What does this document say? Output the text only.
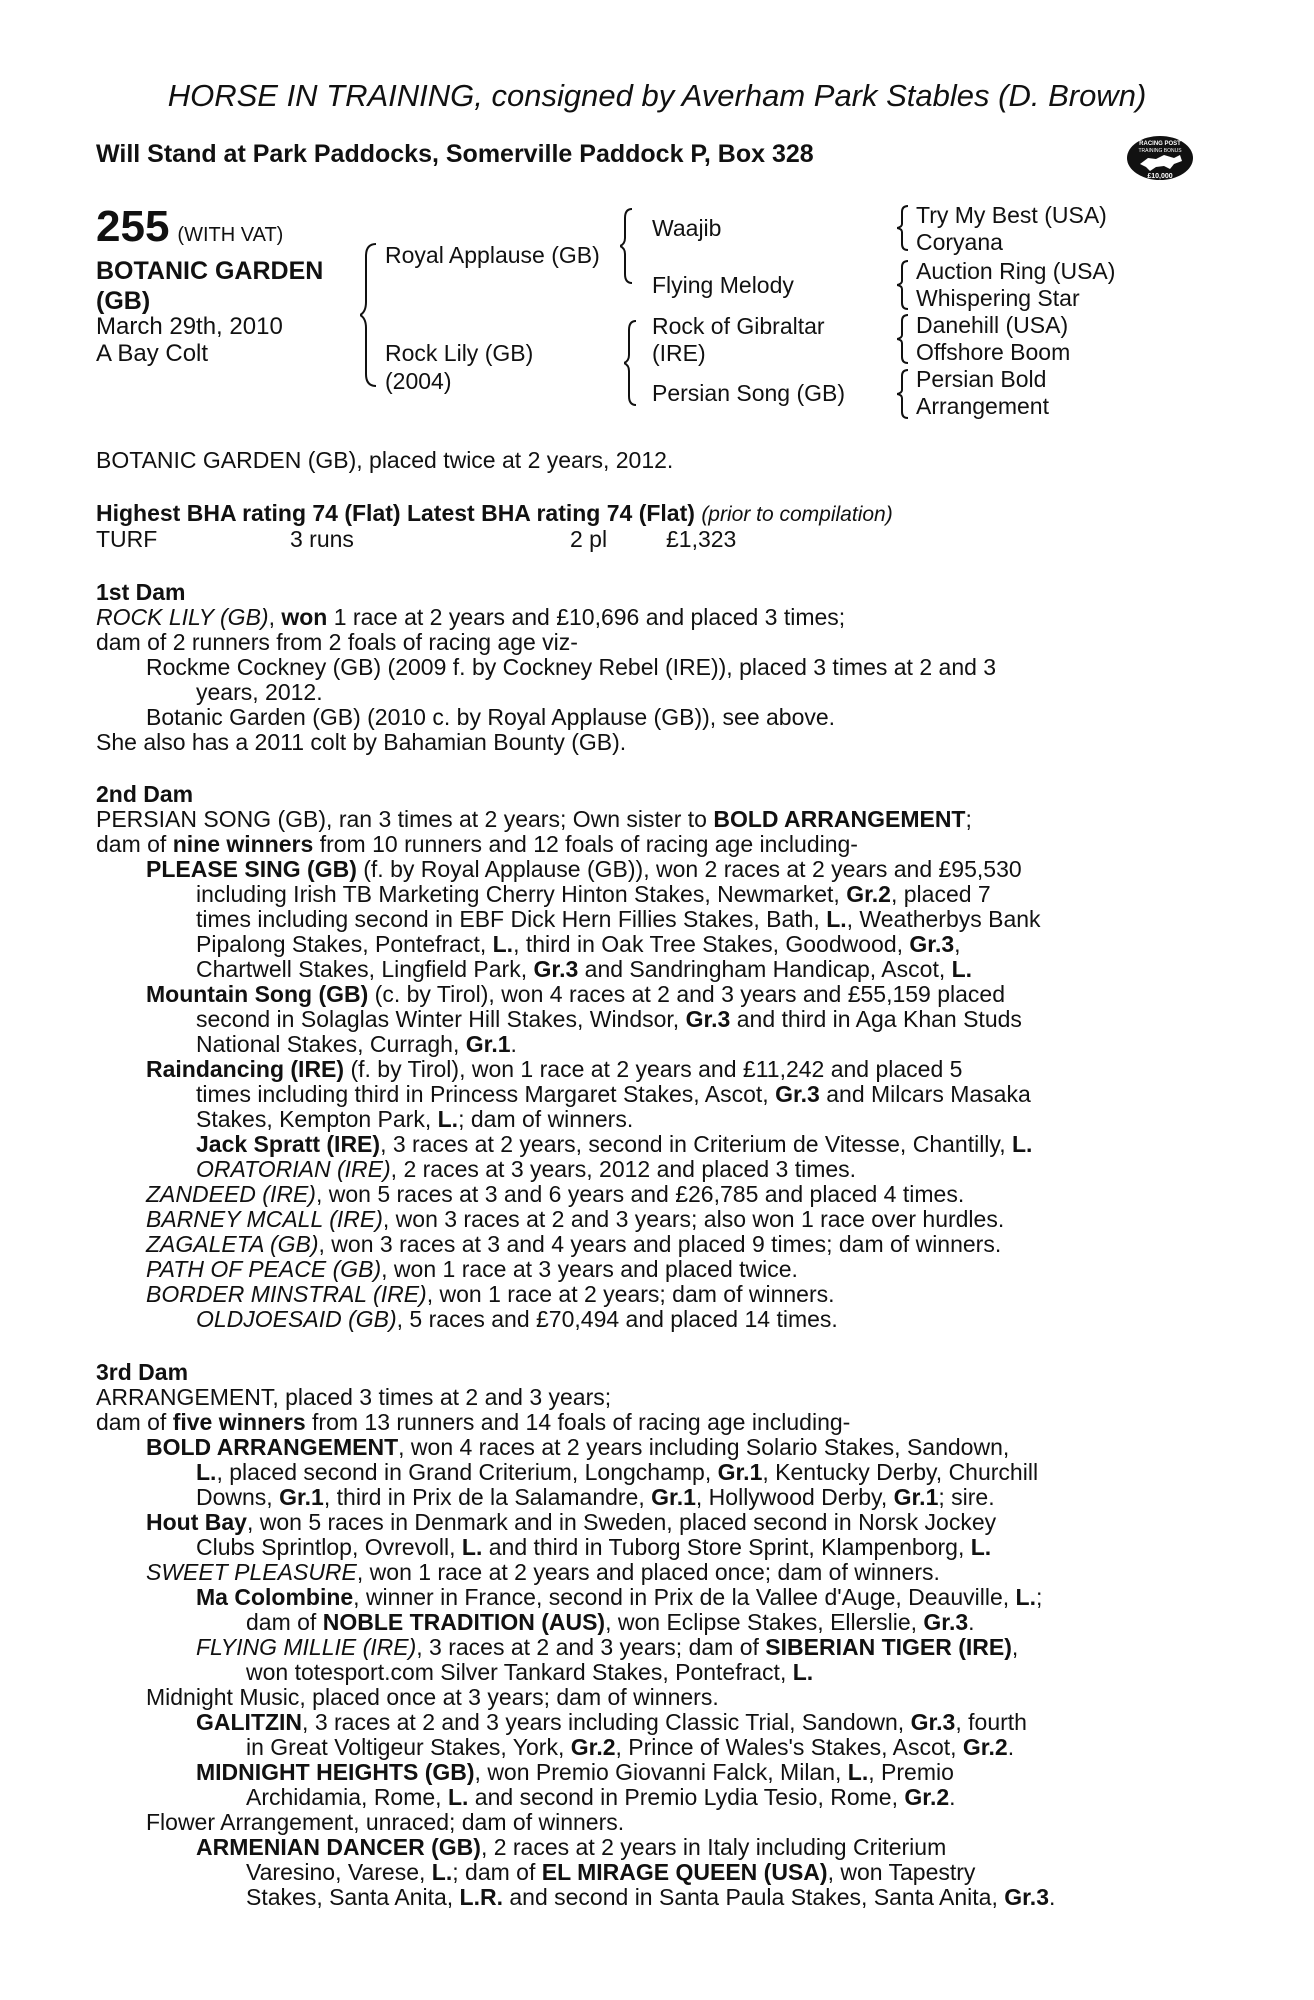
HORSE IN TRAINING, consigned by Averham Park Stables (D. Brown)
Will Stand at Park Paddocks, Somerville Paddock P, Box 328	RACING POST
TRAINING BONUS
£10,000
255 (WITH VAT)
BOTANIC GARDEN (GB)
March 29th, 2010
A Bay Colt
Royal Applause (GB)
Rock Lily (GB)
(2004)
Waajib
Flying Melody
Rock of Gibraltar
(IRE)
Persian Song (GB)
Try My Best (USA)
Coryana
Auction Ring (USA)
Whispering Star
Danehill (USA)
Offshore Boom
Persian Bold
Arrangement
BOTANIC GARDEN (GB), placed twice at 2 years, 2012.
Highest BHA rating 74 (Flat) Latest BHA rating 74 (Flat) (prior to compilation)
TURF	3 runs	2 pl	£1,323
1st Dam
ROCK LILY (GB), won 1 race at 2 years and £10,696 and placed 3 times;
dam of 2 runners from 2 foals of racing age viz-
Rockme Cockney (GB) (2009 f. by Cockney Rebel (IRE)), placed 3 times at 2 and 3
years, 2012.
Botanic Garden (GB) (2010 c. by Royal Applause (GB)), see above.
She also has a 2011 colt by Bahamian Bounty (GB).
2nd Dam
PERSIAN SONG (GB), ran 3 times at 2 years; Own sister to BOLD ARRANGEMENT;
dam of nine winners from 10 runners and 12 foals of racing age including-
PLEASE SING (GB) (f. by Royal Applause (GB)), won 2 races at 2 years and £95,530
including Irish TB Marketing Cherry Hinton Stakes, Newmarket, Gr.2, placed 7
times including second in EBF Dick Hern Fillies Stakes, Bath, L., Weatherbys Bank
Pipalong Stakes, Pontefract, L., third in Oak Tree Stakes, Goodwood, Gr.3,
Chartwell Stakes, Lingfield Park, Gr.3 and Sandringham Handicap, Ascot, L.
Mountain Song (GB) (c. by Tirol), won 4 races at 2 and 3 years and £55,159 placed
second in Solaglas Winter Hill Stakes, Windsor, Gr.3 and third in Aga Khan Studs
National Stakes, Curragh, Gr.1.
Raindancing (IRE) (f. by Tirol), won 1 race at 2 years and £11,242 and placed 5
times including third in Princess Margaret Stakes, Ascot, Gr.3 and Milcars Masaka
Stakes, Kempton Park, L.; dam of winners.
Jack Spratt (IRE), 3 races at 2 years, second in Criterium de Vitesse, Chantilly, L.
ORATORIAN (IRE), 2 races at 3 years, 2012 and placed 3 times.
ZANDEED (IRE), won 5 races at 3 and 6 years and £26,785 and placed 4 times.
BARNEY MCALL (IRE), won 3 races at 2 and 3 years; also won 1 race over hurdles.
ZAGALETA (GB), won 3 races at 3 and 4 years and placed 9 times; dam of winners.
PATH OF PEACE (GB), won 1 race at 3 years and placed twice.
BORDER MINSTRAL (IRE), won 1 race at 2 years; dam of winners.
OLDJOESAID (GB), 5 races and £70,494 and placed 14 times.
3rd Dam
ARRANGEMENT, placed 3 times at 2 and 3 years;
dam of five winners from 13 runners and 14 foals of racing age including-
BOLD ARRANGEMENT, won 4 races at 2 years including Solario Stakes, Sandown,
L., placed second in Grand Criterium, Longchamp, Gr.1, Kentucky Derby, Churchill
Downs, Gr.1, third in Prix de la Salamandre, Gr.1, Hollywood Derby, Gr.1; sire.
Hout Bay, won 5 races in Denmark and in Sweden, placed second in Norsk Jockey
Clubs Sprintlop, Ovrevoll, L. and third in Tuborg Store Sprint, Klampenborg, L.
SWEET PLEASURE, won 1 race at 2 years and placed once; dam of winners.
Ma Colombine, winner in France, second in Prix de la Vallee d'Auge, Deauville, L.;
dam of NOBLE TRADITION (AUS), won Eclipse Stakes, Ellerslie, Gr.3.
FLYING MILLIE (IRE), 3 races at 2 and 3 years; dam of SIBERIAN TIGER (IRE),
won totesport.com Silver Tankard Stakes, Pontefract, L.
Midnight Music, placed once at 3 years; dam of winners.
GALITZIN, 3 races at 2 and 3 years including Classic Trial, Sandown, Gr.3, fourth
in Great Voltigeur Stakes, York, Gr.2, Prince of Wales's Stakes, Ascot, Gr.2.
MIDNIGHT HEIGHTS (GB), won Premio Giovanni Falck, Milan, L., Premio
Archidamia, Rome, L. and second in Premio Lydia Tesio, Rome, Gr.2.
Flower Arrangement, unraced; dam of winners.
ARMENIAN DANCER (GB), 2 races at 2 years in Italy including Criterium
Varesino, Varese, L.; dam of EL MIRAGE QUEEN (USA), won Tapestry
Stakes, Santa Anita, L.R. and second in Santa Paula Stakes, Santa Anita, Gr.3.
